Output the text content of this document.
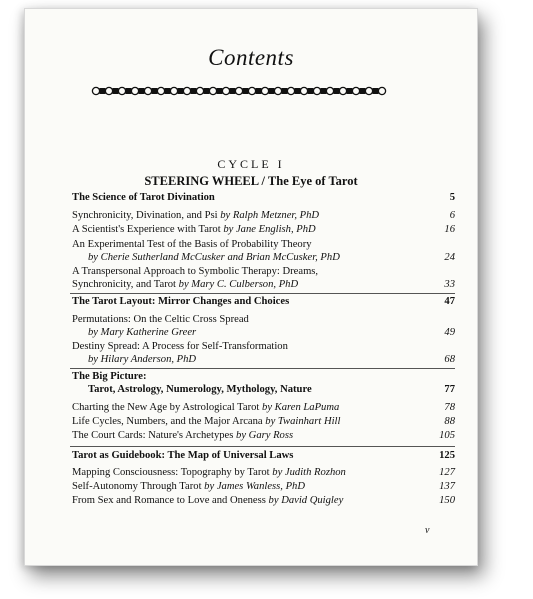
Contents
CYCLE I
STEERING WHEEL / The Eye of Tarot
The Science of Tarot Divination	5
Synchronicity, Divination, and Psi by Ralph Metzner, PhD	6
A Scientist's Experience with Tarot by Jane English, PhD	16
An Experimental Test of the Basis of Probability Theory
by Cherie Sutherland McCusker and Brian McCusker, PhD	24
A Transpersonal Approach to Symbolic Therapy: Dreams,
Synchronicity, and Tarot by Mary C. Culberson, PhD	33
The Tarot Layout: Mirror Changes and Choices	47
Permutations: On the Celtic Cross Spread
by Mary Katherine Greer	49
Destiny Spread: A Process for Self-Transformation
by Hilary Anderson, PhD	68
The Big Picture:
Tarot, Astrology, Numerology, Mythology, Nature	77
Charting the New Age by Astrological Tarot by Karen LaPuma	78
Life Cycles, Numbers, and the Major Arcana by Twainhart Hill	88
The Court Cards: Nature's Archetypes by Gary Ross	105
Tarot as Guidebook: The Map of Universal Laws	125
Mapping Consciousness: Topography by Tarot by Judith Rozhon	127
Self-Autonomy Through Tarot by James Wanless, PhD	137
From Sex and Romance to Love and Oneness by David Quigley	150
v
